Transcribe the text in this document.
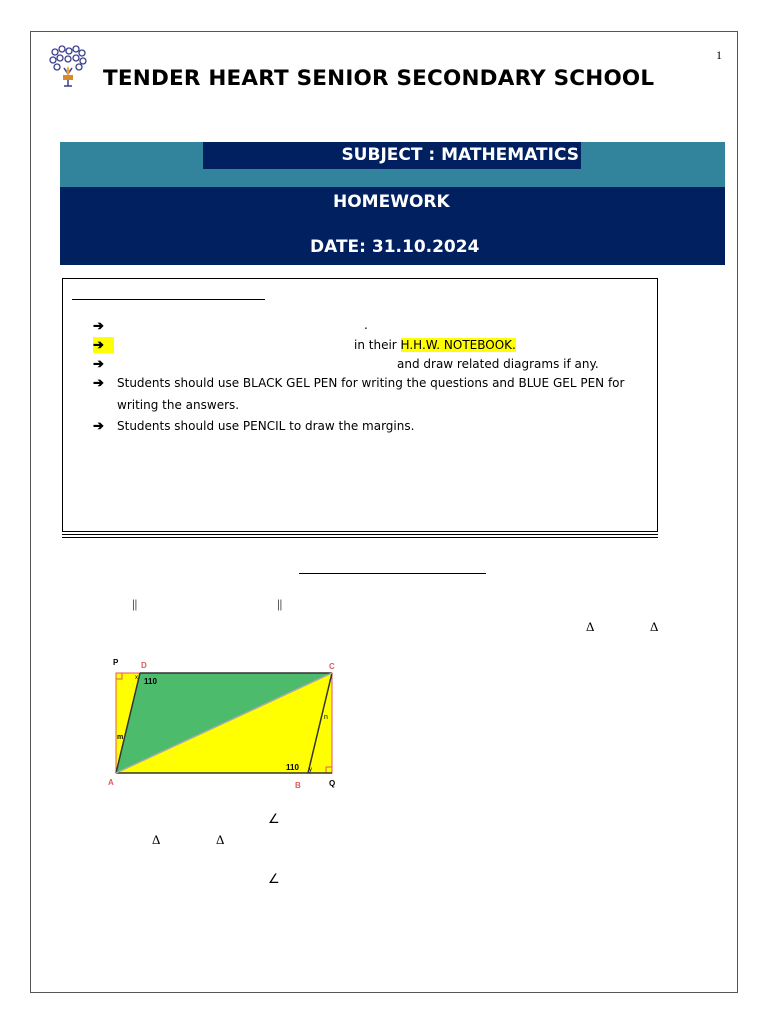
1
TENDER HEART SENIOR SECONDARY SCHOOL
SUBJECT : MATHEMATICS
HOMEWORK
DATE: 31.10.2024
➔	.
➔	in their H.H.W. NOTEBOOK.
➔	and draw related diagrams if any.
➔ Students should use BLACK GEL PEN for writing the questions and BLUE GEL PEN for
writing the answers.
➔ Students should use PENCIL to draw the margins.
||	||
Δ	Δ
P	D	C
A	B	Q
x 110
m
n
110 y
∠
Δ	Δ
∠
